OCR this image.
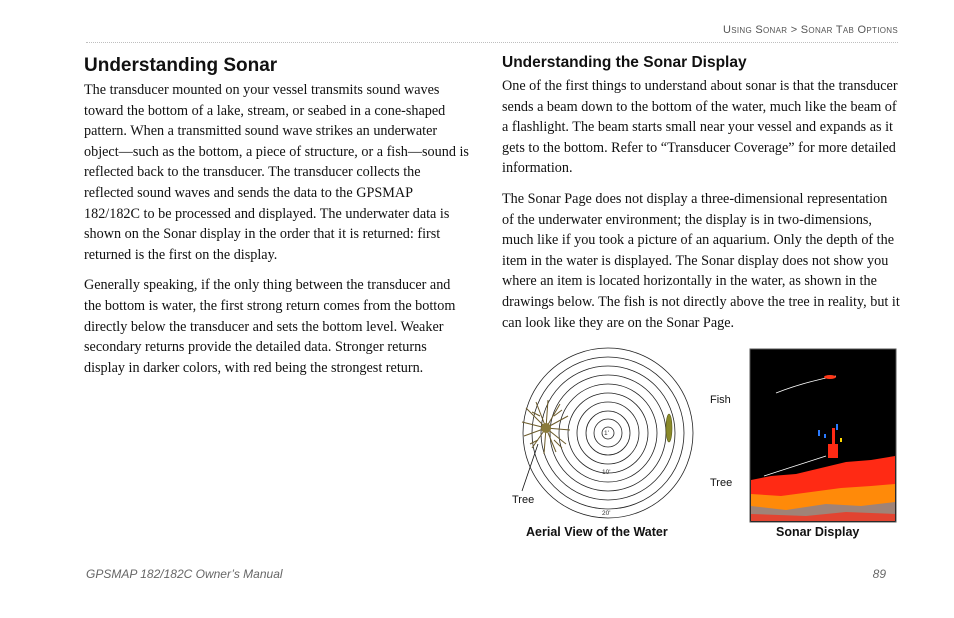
Using Sonar > Sonar Tab Options
Understanding Sonar

The transducer mounted on your vessel transmits sound waves toward the bottom of a lake, stream, or seabed in a cone-shaped pattern. When a transmitted sound wave strikes an underwater object—such as the bottom, a piece of structure, or a fish—sound is reflected back to the transducer. The transducer collects the reflected sound waves and sends the data to the GPSMAP 182/182C to be processed and displayed. The underwater data is shown on the Sonar display in the order that it is returned: first returned is the first on the display.

Generally speaking, if the only thing between the transducer and the bottom is water, the first strong return comes from the bottom directly below the transducer and sets the bottom level. Weaker secondary returns provide the detailed data. Stronger returns display in darker colors, with red being the strongest return.

Understanding the Sonar Display

One of the first things to understand about sonar is that the transducer sends a beam down to the bottom of the water, much like the beam of a flashlight. The beam starts small near your vessel and expands as it gets to the bottom. Refer to “Transducer Coverage” for more detailed information.

The Sonar Page does not display a three-dimensional representation of the underwater environment; the display is in two-dimensions, much like if you took a picture of an aquarium. Only the depth of the item in the water is displayed. The Sonar display does not show you where an item is located horizontally in the water, as shown in the drawings below. The fish is not directly above the tree in reality, but it can look like they are on the Sonar Page.

1'
10'
20'
Tree
Fish
Tree
Aerial View of the Water	Sonar Display
GPSMAP 182/182C Owner’s Manual	89
